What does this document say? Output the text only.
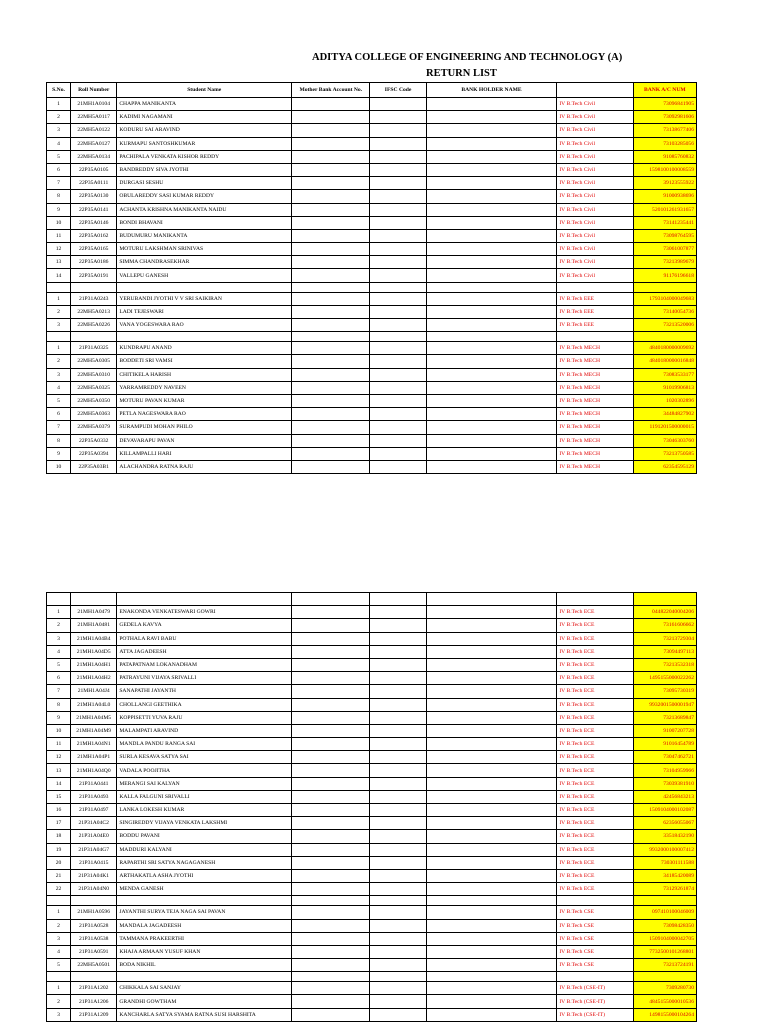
ADITYA COLLEGE OF ENGINEERING AND TECHNOLOGY (A)
RETURN LIST
S.No.	Roll Number	Student Name	Mother Bank Account No.	IFSC Code	BANK HOLDER NAME		BANK A/C NUM
1	21MH1A0104	CHAPPA MANIKANTA				IV B.Tech Civil	73096841905
2	22MH5A0117	KADIMI NAGAMANI				IV B.Tech Civil	73092981606
3	22MH5A0122	KODURU SAI ARAVIND				IV B.Tech Civil	73138677406
4	22MH5A0127	KURMAPU SANTOSHKUMAR				IV B.Tech Civil	73103285056
5	22MH5A0134	PACHIPALA VENKATA KISHOR REDDY				IV B.Tech Civil	91085760832
6	22P35A0105	BANDREDDY SIVA JYOTHI				IV B.Tech Civil	1598100100008559
7	22P35A0111	DURGASI SESHU				IV B.Tech Civil	39123555922
8	22P35A0130	OBULAREDDY SASI KUMAR REDDY				IV B.Tech Civil	91000938696
9	22P35A0141	ACHANTA KRISHNA MANIKANTA NAIDU				IV B.Tech Civil	520101261931657
10	22P35A0146	BONDI BHAVANI				IV B.Tech Civil	73141235441
11	22P35A0162	BUDUMURU MANIKANTA				IV B.Tech Civil	73098764595
12	22P35A0165	MOTURU LAKSHMAN SRINIVAS				IV B.Tech Civil	73061007877
13	22P35A0186	SIMMA CHANDRASEKHAR				IV B.Tech Civil	73213989679
14	22P35A0191	VALLEPU GANESH				IV B.Tech Civil	91176196618

1	21P31A0243	YERUBANDI JYOTHI V V SRI SAIKIRAN				IV B.Tech EEE	1793104000049683
2	22MH5A0213	LADI TEJESWARI				IV B.Tech EEE	73140054736
3	22MH5A0226	VANA YOGESWARA RAO				IV B.Tech EEE	73213520006

1	21P31A0325	KUNDRAPU ANAND				IV B.Tech MECH	4840180000009692
2	22MH5A0305	BODDETI SRI VAMSI				IV B.Tech MECH	4840180000016848
3	22MH5A0310	CHITIKELA HARISH				IV B.Tech MECH	73083533177
4	22MH5A0325	YARRAMREDDY NAVEEN				IV B.Tech MECH	91019906813
5	22MH5A0350	MOTURU PAVAN KUMAR				IV B.Tech MECH	1020302896
6	22MH5A0363	PETLA NAGESWARA RAO				IV B.Tech MECH	34484827902
7	22MH5A0379	SURAMPUDI MOHAN PHILO				IV B.Tech MECH	1191201500000015
8	22P35A0332	DEVAVARAPU PAVAN				IV B.Tech MECH	73046303760
9	22P35A0394	KILLAMPALLI HARI				IV B.Tech MECH	73213750585
10	22P35A03B1	ALACHANDRA RATNA RAJU				IV B.Tech MECH	62354595129

1	21MH1A0479	ENAKONDA VENKATESWARI GOWRI				IV B.Tech ECE	044822040004206
2	21MH1A0481	GEDELA KAVYA				IV B.Tech ECE	73161606662
3	21MH1A04B4	POTHALA RAVI BABU				IV B.Tech ECE	73213729304
4	21MH1A04D5	ATTA JAGADEESH				IV B.Tech ECE	73094497113
5	21MH1A04H1	PATAPATNAM LOKANADHAM				IV B.Tech ECE	73213532318
6	21MH1A04H2	PATRAYUNI VIJAYA SRIVALLI				IV B.Tech ECE	1495155000022262
7	21MH1A04J4	SANAPATHI JAYANTH				IV B.Tech ECE	73095730319
8	21MH1A04L0	CHOLLANGI GEETHIKA				IV B.Tech ECE	9932001500001947
9	21MH1A04M5	KOPPISETTI YUVA RAJU				IV B.Tech ECE	73213689847
10	21MH1A04M9	MALAMPATI ARAVIND				IV B.Tech ECE	91007207728
11	21MH1A04N1	MANDLA PANDU RANGA SAI				IV B.Tech ECE	91016454789
12	21MH1A04P1	SURLA KESAVA SATYA SAI				IV B.Tech ECE	73047462721
13	21MH1A04Q0	VADALA POOJITHA				IV B.Tech ECE	73104959966
14	21P31A0441	MERANGI SAI KALYAN				IV B.Tech ECE	73039381910
15	21P31A0493	KALLA FALGUNI SRIVALLI				IV B.Tech ECE	42456843213
16	21P31A0497	LANKA LOKESH KUMAR				IV B.Tech ECE	1509104000102087
17	21P31A04C2	SINGIREDDY VIJAYA VENKATA LAKSHMI				IV B.Tech ECE	62356055067
18	21P31A04E0	BODDU PAVANI				IV B.Tech ECE	33518432190
19	21P31A04G7	MADDURI KALYANI				IV B.Tech ECE	9932000100007412
20	21P31A0415	RAPARTHI SRI SATYA NAGAGANESH				IV B.Tech ECE	730301111588
21	21P31A04K1	ARTHAKATLA ASHA JYOTHI				IV B.Tech ECE	34185420089
22	21P31A04N0	MENDA GANESH				IV B.Tech ECE	73129261874

1	21MH1A0596	JAYANTHI SURYA TEJA NAGA SAI PAVAN				IV B.Tech CSE	097410100046009
2	21P31A0528	MANDALA JAGADEESH				IV B.Tech CSE	73098428350
3	21P31A0538	TAMMANA PRAKEERTHI				IV B.Tech CSE	1509104000042705
4	21P31A0591	KHAJA ARMAAN YUSUF KHAN				IV B.Tech CSE	7732500101268801
5	22MH5A0501	BODA NIKHIL				IV B.Tech CSE	73213724191

1	21P31A1202	CHIKKALA SAI SANJAY				IV B.Tech (CSE-IT)	7309280730
2	21P31A1206	GRANDHI GOWTHAM				IV B.Tech (CSE-IT)	4845155000010536
3	21P31A1209	KANCHARLA SATYA SYAMA RATNA SUSI HARSHITA				IV B.Tech (CSE-IT)	1498155000104264
